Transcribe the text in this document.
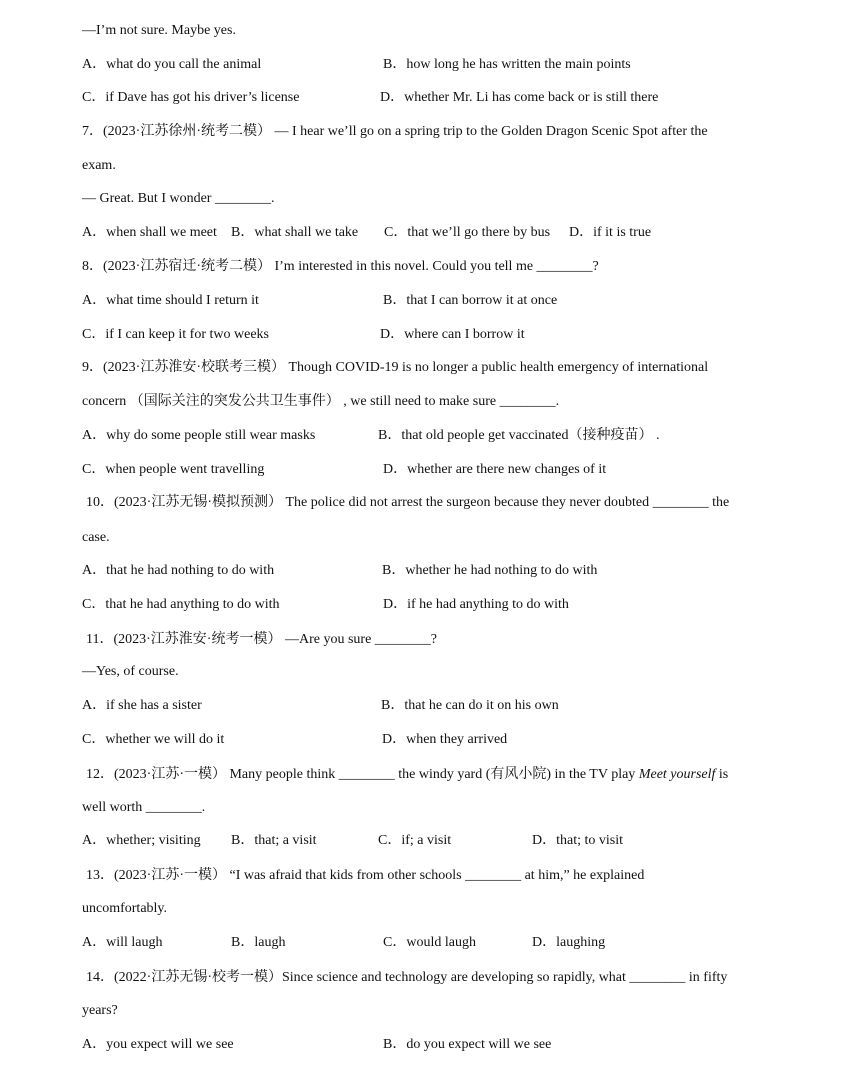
—I’m not sure. Maybe yes.
A．what do you call the animal	B．how long he has written the main points
C．if Dave has got his driver’s license	D．whether Mr. Li has come back or is still there
7．(2023·江苏徐州·统考二模） — I hear we’ll go on a spring trip to the Golden Dragon Scenic Spot after the
exam.
— Great. But I wonder ________.
A．when shall we meet B．what shall we take C．that we’ll go there by bus D．if it is true
8．(2023·江苏宿迁·统考二模） I’m interested in this novel. Could you tell me ________?
A．what time should I return it	B．that I can borrow it at once
C．if I can keep it for two weeks	D．where can I borrow it
9．(2023·江苏淮安·校联考三模） Though COVID-19 is no longer a public health emergency of international
concern （国际关注的突发公共卫生事件） , we still need to make sure ________.
A．why do some people still wear masks	B．that old people get vaccinated（接种疫苗） .
C．when people went travelling	D．whether are there new changes of it
10．(2023·江苏无锡·模拟预测） The police did not arrest the surgeon because they never doubted ________ the
case.
A．that he had nothing to do with	B．whether he had nothing to do with
C．that he had anything to do with	D．if he had anything to do with
11．(2023·江苏淮安·统考一模） —Are you sure ________?
—Yes, of course.
A．if she has a sister	B．that he can do it on his own
C．whether we will do it	D．when they arrived
12．(2023·江苏·一模） Many people think ________ the windy yard (有风小院) in the TV play Meet yourself is
well worth ________.
A．whether; visiting B．that; a visit	C．if; a visit	D．that; to visit
13．(2023·江苏·一模） “I was afraid that kids from other schools ________ at him,” he explained
uncomfortably.
A．will laugh	B．laugh	C．would laugh	D．laughing
14．(2022·江苏无锡·校考一模）Since science and technology are developing so rapidly, what ________ in fifty
years?
A．you expect will we see	B．do you expect will we see
